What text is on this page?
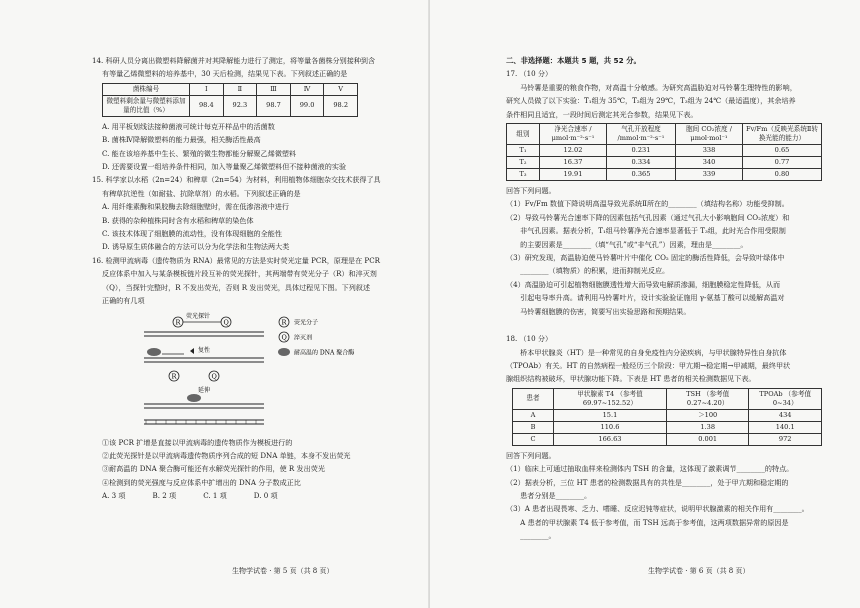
14. 科研人员分离出微塑料降解菌并对其降解能力进行了测定，将等量各菌株分别接种到含

有等量乙烯微塑料的培养基中，30 天后检测，结果见下表。下列叙述正确的是

菌株编号	Ⅰ	Ⅱ	Ⅲ	Ⅳ	Ⅴ
微塑料剩余量与微塑料添加量的比值（%）	98.4	92.3	98.7	99.0	98.2

A. 用平板划线法接种菌液可统计每克开样品中的活菌数

B. 菌株Ⅳ降解微塑料的能力最强，相关酶活性最高

C. 能在该培养基中生长、繁殖的微生物都能分解聚乙烯微塑料

D. 还需要设置一组培养条件相同，加入等量聚乙烯微塑料但不接种菌液的实验

15. 科学家以水稻（2n=24）和稗草（2n=54）为材料，利用植物体细胞杂交技术获得了具

有稗草抗逆性（如耐盐、抗除草剂）的水稻。下列叙述正确的是

A. 用纤维素酶和果胶酶去除细胞壁时，需在低渗溶液中进行

B. 获得的杂种植株同时含有水稻和稗草的染色体

C. 该技术体现了细胞膜的流动性，没有体现细胞的全能性

D. 诱导原生质体融合的方法可以分为化学法和生物法两大类

16. 检测甲流病毒（遗传物质为 RNA）最常见的方法是实时荧光定量 PCR，原理是在 PCR

反应体系中加入与某条模板链片段互补的荧光探针，其两端带有荧光分子（R）和淬灭剂

（Q），当探针完整时，R 不发出荧光，否则 R 发出荧光，具体过程见下图。下列叙述

正确的有几项

R	Q
荧光探针
R 荧光分子
Q 淬灭剂
耐高温的 DNA 聚合酶
复性
R	Q
延伸

①该 PCR 扩增是直接以甲流病毒的遗传物质作为模板进行的

②此荧光探针是以甲流病毒遗传物质序列合成的短 DNA 单链，本身不发出荧光

③耐高温的 DNA 聚合酶可能还有水解荧光探针的作用，使 R 发出荧光

④检测到的荧光强度与反应体系中扩增出的 DNA 分子数成正比

A. 3 项            B. 2 项            C. 1 项            D. 0 项

生物学试卷 · 第 5 页（共 8 页）

二、非选择题：本题共 5 题，共 52 分。

17. （10 分）

　　马铃薯是重要的粮食作物，对高温十分敏感。为研究高温胁迫对马铃薯生理特性的影响，

研究人员做了以下实验：T₁组为 35℃，T₂组为 29℃，T₃组为 24℃（最适温度），其余培养

条件相同且适宜，一段时间后测定其光合参数，结果见下表。

组别	净光合速率 /μmol·m⁻²·s⁻¹	气孔开放程度 /mmol·m⁻²·s⁻¹	胞间 CO₂浓度 /μmol·mol⁻¹	Fv/Fm（反映光系统Ⅱ转换光能的能力）
T₁	12.02	0.231	338	0.65
T₂	16.37	0.334	340	0.77
T₃	19.91	0.365	339	0.80

回答下列问题。

（1）Fv/Fm 数值下降说明高温导致光系统Ⅱ所在的________（填结构名称）功能受抑制。

（2）导致马铃薯光合速率下降的因素包括气孔因素（通过气孔大小影响胞间 CO₂浓度）和

　　非气孔因素。据表分析，T₁组马铃薯净光合速率显著低于 T₃组，此时光合作用受限制

　　的主要因素是________（填“气孔”或“非气孔”）因素，理由是________。

（3）研究发现，高温胁迫使马铃薯叶片中催化 CO₂ 固定的酶活性降低，会导致叶绿体中

　　________（填物质）的积累，进而抑制光反应。

（4）高温胁迫可引起植物细胞膜透性增大而导致电解质渗漏，细胞膜稳定性降低，从而

　　引起电导率升高。请利用马铃薯叶片，设计实验验证施用 γ-氨基丁酸可以缓解高温对

　　马铃薯细胞膜的伤害，简要写出实验思路和预期结果。

18. （10 分）

　　桥本甲状腺炎（HT）是一种常见的自身免疫性内分泌疾病，与甲状腺特异性自身抗体

（TPOAb）有关。HT 的自然病程一般经历三个阶段：甲亢期→稳定期→甲减期，最终甲状

腺组织结构被破坏，甲状腺功能下降。下表是 HT 患者的相关检测数据见下表。

患者	甲状腺素 T4 （参考值 69.97~152.52）	TSH （参考值 0.27~4.20）	TPOAb （参考值 0~34）
A	15.1	＞100	434
B	110.6	1.38	140.1
C	166.63	0.001	972

回答下列问题。

（1）临床上可通过抽取血样来检测体内 TSH 的含量，这体现了激素调节________的特点。

（2）据表分析，三位 HT 患者的检测数据具有的共性是________，处于甲亢期和稳定期的

　　患者分别是________。

（3）A 患者出现畏寒、乏力、嗜睡、反应迟钝等症状，说明甲状腺激素的相关作用有________。

　　A 患者的甲状腺素 T4 低于参考值，而 TSH 远高于参考值，这两项数据异常的原因是

　　________。

生物学试卷 · 第 6 页（共 8 页）
